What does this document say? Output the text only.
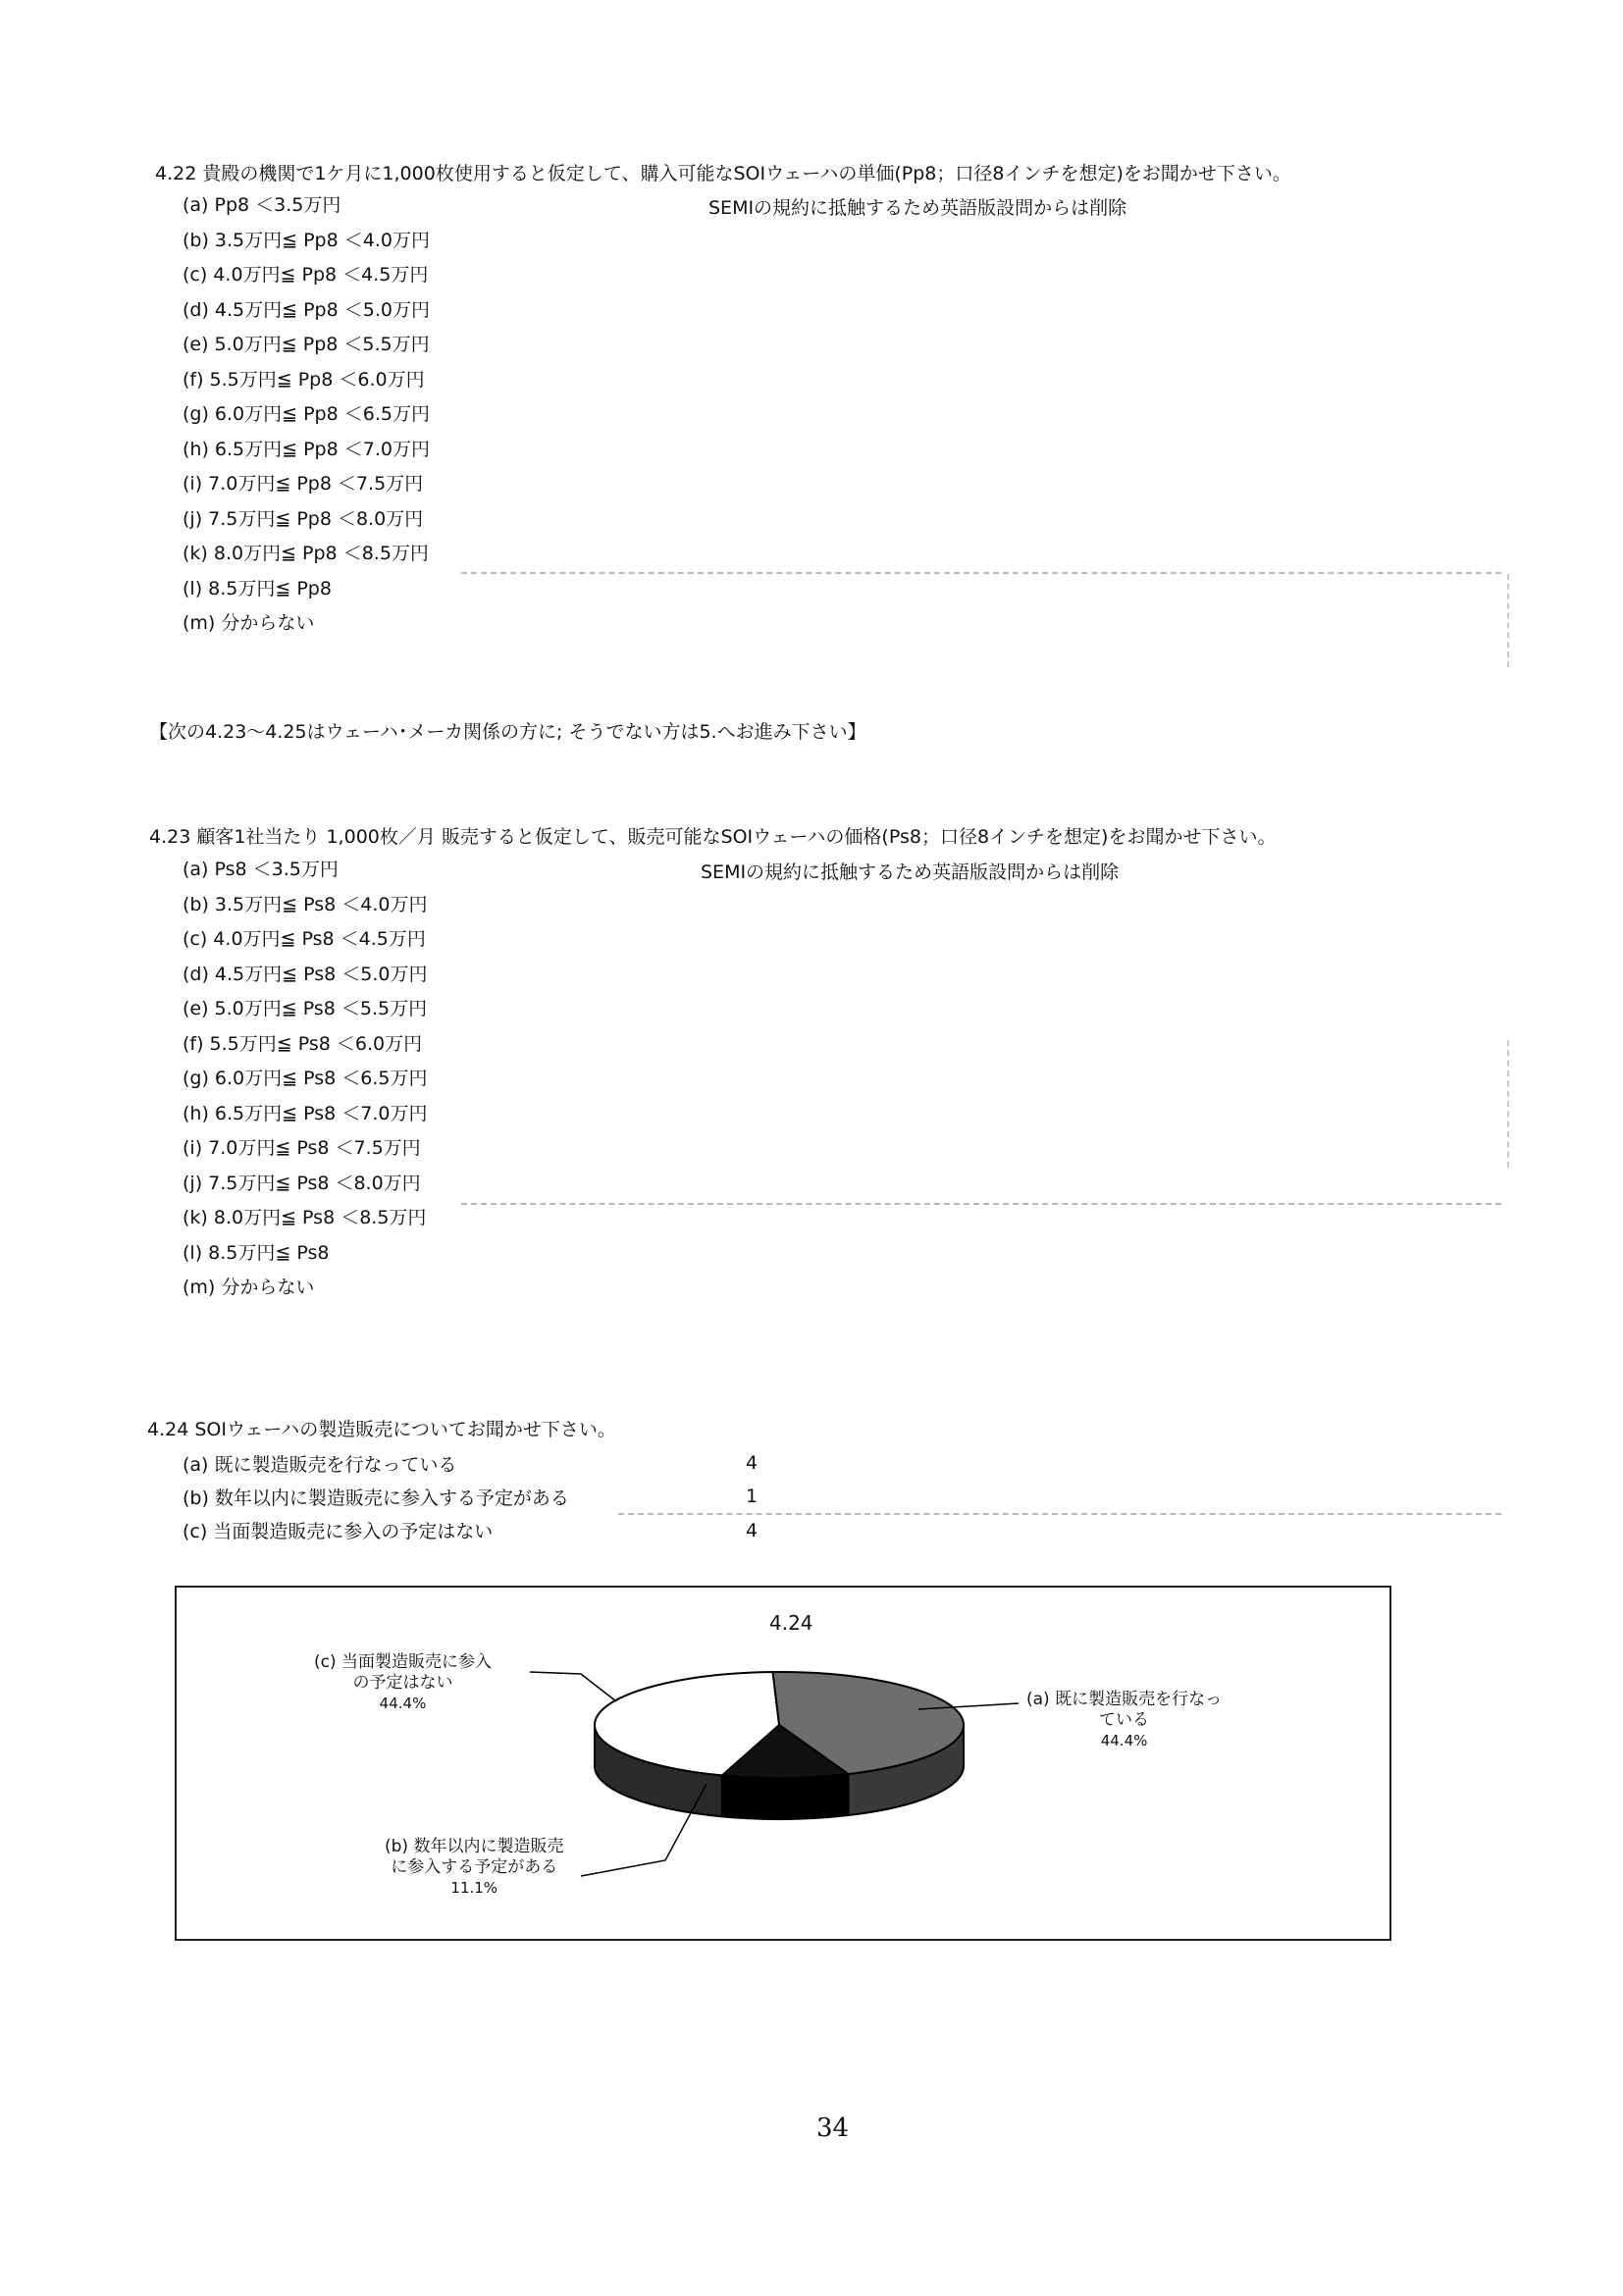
4.22 貴殿の機関で1ケ月に1,000枚使用すると仮定して、購入可能なSOIウェーハの単価(Pp8；口径8インチを想定)をお聞かせ下さい。
SEMIの規約に抵触するため英語版設問からは削除
(a) Pp8 ＜3.5万円
(b) 3.5万円≦ Pp8 ＜4.0万円
(c) 4.0万円≦ Pp8 ＜4.5万円
(d) 4.5万円≦ Pp8 ＜5.0万円
(e) 5.0万円≦ Pp8 ＜5.5万円
(f) 5.5万円≦ Pp8 ＜6.0万円
(g) 6.0万円≦ Pp8 ＜6.5万円
(h) 6.5万円≦ Pp8 ＜7.0万円
(i) 7.0万円≦ Pp8 ＜7.5万円
(j) 7.5万円≦ Pp8 ＜8.0万円
(k) 8.0万円≦ Pp8 ＜8.5万円
(l) 8.5万円≦ Pp8
(m) 分からない
【次の4.23～4.25はウェーハ･メーカ関係の方に; そうでない方は5.へお進み下さい】
4.23 顧客1社当たり 1,000枚／月 販売すると仮定して、販売可能なSOIウェーハの価格(Ps8；口径8インチを想定)をお聞かせ下さい。
SEMIの規約に抵触するため英語版設問からは削除
(a) Ps8 ＜3.5万円
(b) 3.5万円≦ Ps8 ＜4.0万円
(c) 4.0万円≦ Ps8 ＜4.5万円
(d) 4.5万円≦ Ps8 ＜5.0万円
(e) 5.0万円≦ Ps8 ＜5.5万円
(f) 5.5万円≦ Ps8 ＜6.0万円
(g) 6.0万円≦ Ps8 ＜6.5万円
(h) 6.5万円≦ Ps8 ＜7.0万円
(i) 7.0万円≦ Ps8 ＜7.5万円
(j) 7.5万円≦ Ps8 ＜8.0万円
(k) 8.0万円≦ Ps8 ＜8.5万円
(l) 8.5万円≦ Ps8
(m) 分からない
4.24 SOIウェーハの製造販売についてお聞かせ下さい。
(a) 既に製造販売を行なっている	4
(b) 数年以内に製造販売に参入する予定がある	1
(c) 当面製造販売に参入の予定はない	4
4.24
(a) 既に製造販売を行なっ
ている
44.4%
(b) 数年以内に製造販売
に参入する予定がある
11.1%
(c) 当面製造販売に参入
の予定はない
44.4%
34
